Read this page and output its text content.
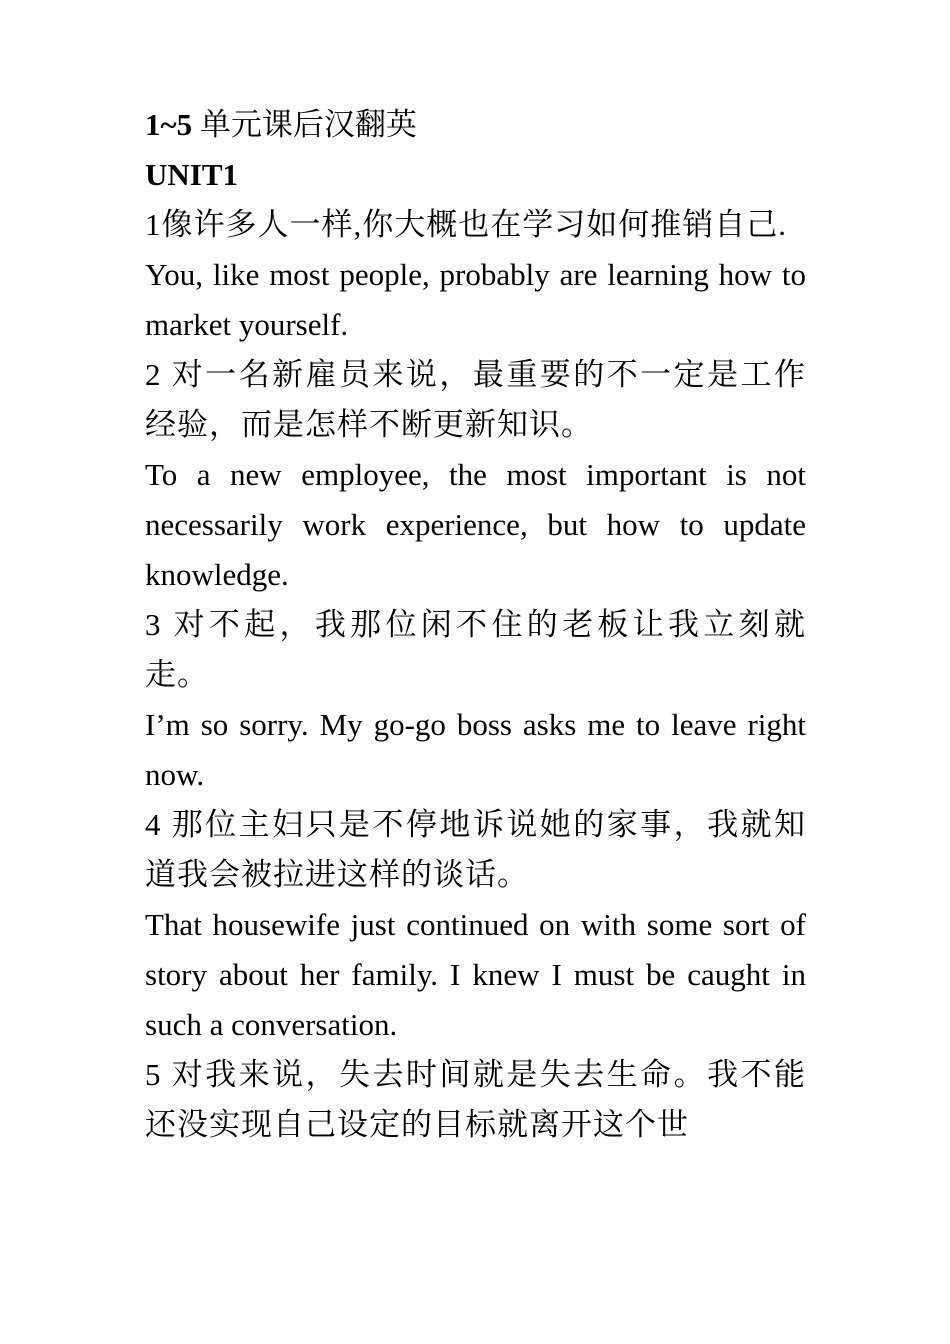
1~5 单元课后汉翻英

UNIT1

1像许多人一样,你大概也在学习如何推销自己.

You, like most people, probably are learning how to market yourself.

2 对一名新雇员来说，最重要的不一定是工作经验，而是怎样不断更新知识。

To a new employee, the most important is not necessarily work experience, but how to update knowledge.

3 对不起，我那位闲不住的老板让我立刻就走。

I’m so sorry. My go-go boss asks me to leave right now.

4 那位主妇只是不停地诉说她的家事，我就知道我会被拉进这样的谈话。

That housewife just continued on with some sort of story about her family. I knew I must be caught in such a conversation.

5 对我来说，失去时间就是失去生命。我不能还没实现自己设定的目标就离开这个世
